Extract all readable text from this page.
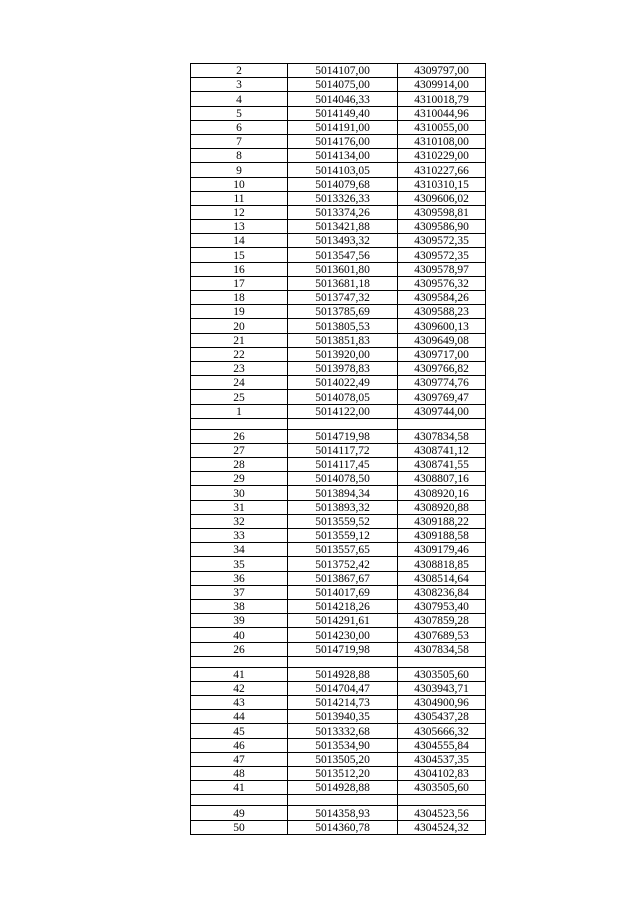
2	5014107,00	4309797,00
3	5014075,00	4309914,00
4	5014046,33	4310018,79
5	5014149,40	4310044,96
6	5014191,00	4310055,00
7	5014176,00	4310108,00
8	5014134,00	4310229,00
9	5014103,05	4310227,66
10	5014079,68	4310310,15
11	5013326,33	4309606,02
12	5013374,26	4309598,81
13	5013421,88	4309586,90
14	5013493,32	4309572,35
15	5013547,56	4309572,35
16	5013601,80	4309578,97
17	5013681,18	4309576,32
18	5013747,32	4309584,26
19	5013785,69	4309588,23
20	5013805,53	4309600,13
21	5013851,83	4309649,08
22	5013920,00	4309717,00
23	5013978,83	4309766,82
24	5014022,49	4309774,76
25	5014078,05	4309769,47
1	5014122,00	4309744,00

26	5014719,98	4307834,58
27	5014117,72	4308741,12
28	5014117,45	4308741,55
29	5014078,50	4308807,16
30	5013894,34	4308920,16
31	5013893,32	4308920,88
32	5013559,52	4309188,22
33	5013559,12	4309188,58
34	5013557,65	4309179,46
35	5013752,42	4308818,85
36	5013867,67	4308514,64
37	5014017,69	4308236,84
38	5014218,26	4307953,40
39	5014291,61	4307859,28
40	5014230,00	4307689,53
26	5014719,98	4307834,58

41	5014928,88	4303505,60
42	5014704,47	4303943,71
43	5014214,73	4304900,96
44	5013940,35	4305437,28
45	5013332,68	4305666,32
46	5013534,90	4304555,84
47	5013505,20	4304537,35
48	5013512,20	4304102,83
41	5014928,88	4303505,60

49	5014358,93	4304523,56
50	5014360,78	4304524,32
